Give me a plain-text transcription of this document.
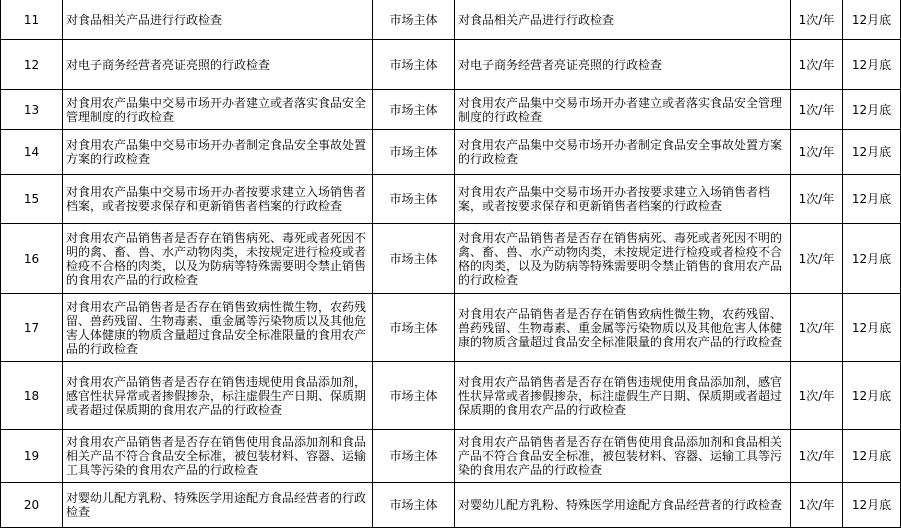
11	对食品相关产品进行行政检查	市场主体	对食品相关产品进行行政检查	1次/年	12月底
12	对电子商务经营者亮证亮照的行政检查	市场主体	对电子商务经营者亮证亮照的行政检查	1次/年	12月底
13	对食用农产品集中交易市场开办者建立或者落实食品安全管理制度的行政检查	市场主体	对食用农产品集中交易市场开办者建立或者落实食品安全管理制度的行政检查	1次/年	12月底
14	对食用农产品集中交易市场开办者制定食品安全事故处置方案的行政检查	市场主体	对食用农产品集中交易市场开办者制定食品安全事故处置方案的行政检查	1次/年	12月底
15	对食用农产品集中交易市场开办者按要求建立入场销售者档案，或者按要求保存和更新销售者档案的行政检查	市场主体	对食用农产品集中交易市场开办者按要求建立入场销售者档案，或者按要求保存和更新销售者档案的行政检查	1次/年	12月底
16	对食用农产品销售者是否存在销售病死、毒死或者死因不明的禽、畜、兽、水产动物肉类，未按规定进行检疫或者检疫不合格的肉类，以及为防病等特殊需要明令禁止销售的食用农产品的行政检查	市场主体	对食用农产品销售者是否存在销售病死、毒死或者死因不明的禽、畜、兽、水产动物肉类，未按规定进行检疫或者检疫不合格的肉类，以及为防病等特殊需要明令禁止销售的食用农产品的行政检查	1次/年	12月底
17	对食用农产品销售者是否存在销售致病性微生物，农药残留、兽药残留、生物毒素、重金属等污染物质以及其他危害人体健康的物质含量超过食品安全标准限量的食用农产品的行政检查	市场主体	对食用农产品销售者是否存在销售致病性微生物，农药残留、兽药残留、生物毒素、重金属等污染物质以及其他危害人体健康的物质含量超过食品安全标准限量的食用农产品的行政检查	1次/年	12月底
18	对食用农产品销售者是否存在销售违规使用食品添加剂，感官性状异常或者掺假掺杂，标注虚假生产日期、保质期或者超过保质期的食用农产品的行政检查	市场主体	对食用农产品销售者是否存在销售违规使用食品添加剂，感官性状异常或者掺假掺杂，标注虚假生产日期、保质期或者超过保质期的食用农产品的行政检查	1次/年	12月底
19	对食用农产品销售者是否存在销售使用食品添加剂和食品相关产品不符合食品安全标准，被包装材料、容器、运输工具等污染的食用农产品的行政检查	市场主体	对食用农产品销售者是否存在销售使用食品添加剂和食品相关产品不符合食品安全标准，被包装材料、容器、运输工具等污染的食用农产品的行政检查	1次/年	12月底
20	对婴幼儿配方乳粉、特殊医学用途配方食品经营者的行政检查	市场主体	对婴幼儿配方乳粉、特殊医学用途配方食品经营者的行政检查	1次/年	12月底
